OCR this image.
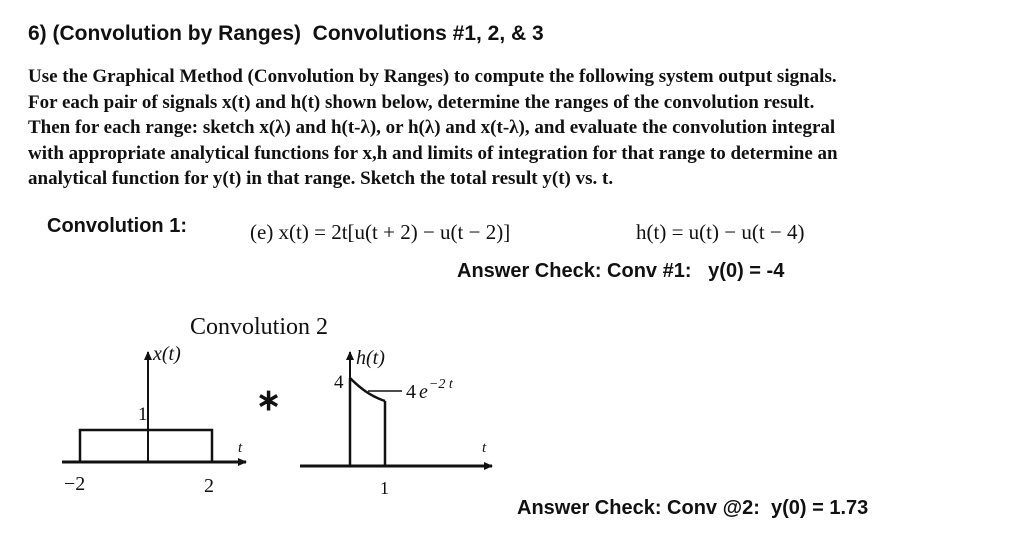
6) (Convolution by Ranges)  Convolutions #1, 2, & 3
Use the Graphical Method (Convolution by Ranges) to compute the following system output signals.
For each pair of signals x(t) and h(t) shown below, determine the ranges of the convolution result.
Then for each range: sketch x(λ) and h(t-λ), or h(λ) and x(t-λ), and evaluate the convolution integral
with appropriate analytical functions for x,h and limits of integration for that range to determine an
analytical function for y(t) in that range. Sketch the total result y(t) vs. t.
Convolution 1:	(e) x(t) = 2t[u(t + 2) − u(t − 2)]	h(t) = u(t) − u(t − 4)
Answer Check: Conv #1:   y(0) = -4
Convolution 2
x(t)
1
−2	2
t
∗
h(t)
4	4 $e^{-2 t}$
1
t
Answer Check: Conv @2:  y(0) = 1.73
